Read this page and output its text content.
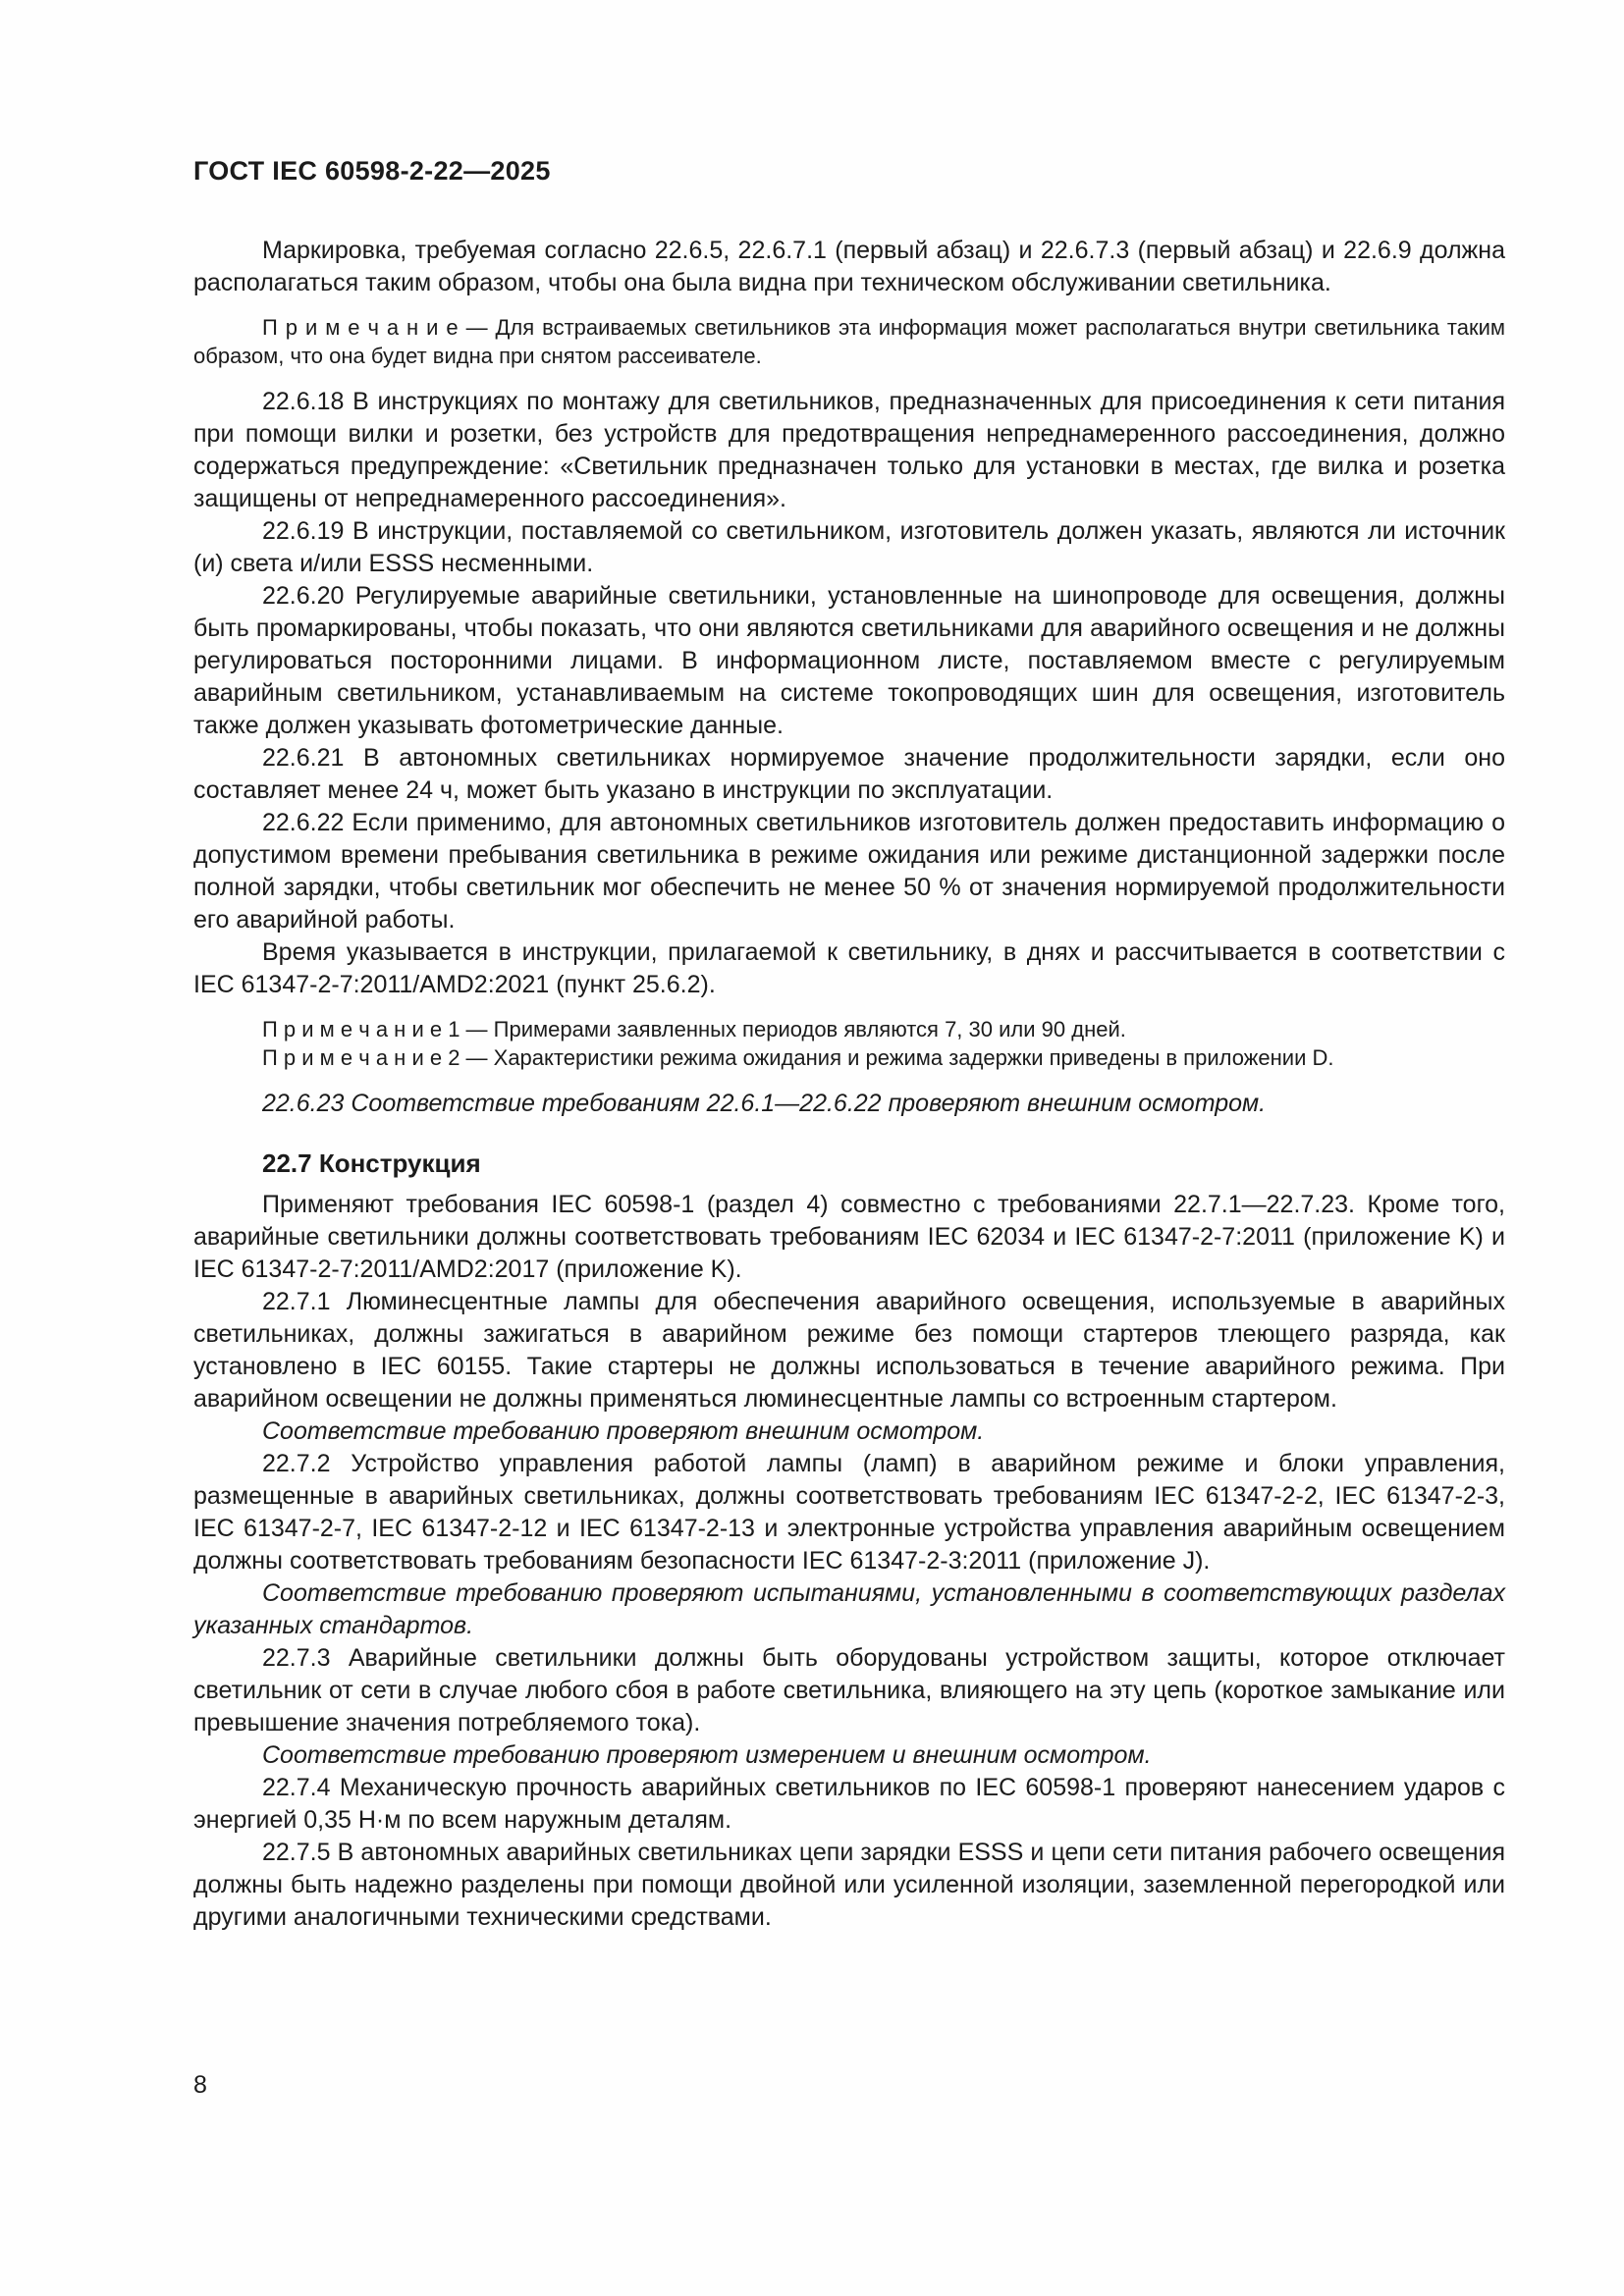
ГОСТ IEC 60598-2-22—2025

Маркировка, требуемая согласно 22.6.5, 22.6.7.1 (первый абзац) и 22.6.7.3 (первый абзац) и 22.6.9 должна располагаться таким образом, чтобы она была видна при техническом обслуживании светильника.

П р и м е ч а н и е — Для встраиваемых светильников эта информация может располагаться внутри светильника таким образом, что она будет видна при снятом рассеивателе.

22.6.18 В инструкциях по монтажу для светильников, предназначенных для присоединения к сети питания при помощи вилки и розетки, без устройств для предотвращения непреднамеренного рассоединения, должно содержаться предупреждение: «Светильник предназначен только для установки в местах, где вилка и розетка защищены от непреднамеренного рассоединения».

22.6.19 В инструкции, поставляемой со светильником, изготовитель должен указать, являются ли источник (и) света и/или ESSS несменными.

22.6.20 Регулируемые аварийные светильники, установленные на шинопроводе для освещения, должны быть промаркированы, чтобы показать, что они являются светильниками для аварийного освещения и не должны регулироваться посторонними лицами. В информационном листе, поставляемом вместе с регулируемым аварийным светильником, устанавливаемым на системе токопроводящих шин для освещения, изготовитель также должен указывать фотометрические данные.

22.6.21 В автономных светильниках нормируемое значение продолжительности зарядки, если оно составляет менее 24 ч, может быть указано в инструкции по эксплуатации.

22.6.22 Если применимо, для автономных светильников изготовитель должен предоставить информацию о допустимом времени пребывания светильника в режиме ожидания или режиме дистанционной задержки после полной зарядки, чтобы светильник мог обеспечить не менее 50 % от значения нормируемой продолжительности его аварийной работы.

Время указывается в инструкции, прилагаемой к светильнику, в днях и рассчитывается в соответствии с IEC 61347-2-7:2011/AMD2:2021 (пункт 25.6.2).

П р и м е ч а н и е 1 — Примерами заявленных периодов являются 7, 30 или 90 дней.

П р и м е ч а н и е 2 — Характеристики режима ожидания и режима задержки приведены в приложении D.

22.6.23 Соответствие требованиям 22.6.1—22.6.22 проверяют внешним осмотром.

22.7 Конструкция

Применяют требования IEC 60598-1 (раздел 4) совместно с требованиями 22.7.1—22.7.23. Кроме того, аварийные светильники должны соответствовать требованиям IEC 62034 и IEC 61347-2-7:2011 (приложение K) и IEC 61347-2-7:2011/AMD2:2017 (приложение K).

22.7.1 Люминесцентные лампы для обеспечения аварийного освещения, используемые в аварийных светильниках, должны зажигаться в аварийном режиме без помощи стартеров тлеющего разряда, как установлено в IEC 60155. Такие стартеры не должны использоваться в течение аварийного режима. При аварийном освещении не должны применяться люминесцентные лампы со встроенным стартером.

Соответствие требованию проверяют внешним осмотром.

22.7.2 Устройство управления работой лампы (ламп) в аварийном режиме и блоки управления, размещенные в аварийных светильниках, должны соответствовать требованиям IEC 61347-2-2, IEC 61347-2-3, IEC 61347-2-7, IEC 61347-2-12 и IEC 61347-2-13 и электронные устройства управления аварийным освещением должны соответствовать требованиям безопасности IEC 61347-2-3:2011 (приложение J).

Соответствие требованию проверяют испытаниями, установленными в соответствующих разделах указанных стандартов.

22.7.3 Аварийные светильники должны быть оборудованы устройством защиты, которое отключает светильник от сети в случае любого сбоя в работе светильника, влияющего на эту цепь (короткое замыкание или превышение значения потребляемого тока).

Соответствие требованию проверяют измерением и внешним осмотром.

22.7.4 Механическую прочность аварийных светильников по IEC 60598-1 проверяют нанесением ударов с энергией 0,35 Н·м по всем наружным деталям.

22.7.5 В автономных аварийных светильниках цепи зарядки ESSS и цепи сети питания рабочего освещения должны быть надежно разделены при помощи двойной или усиленной изоляции, заземленной перегородкой или другими аналогичными техническими средствами.

8
